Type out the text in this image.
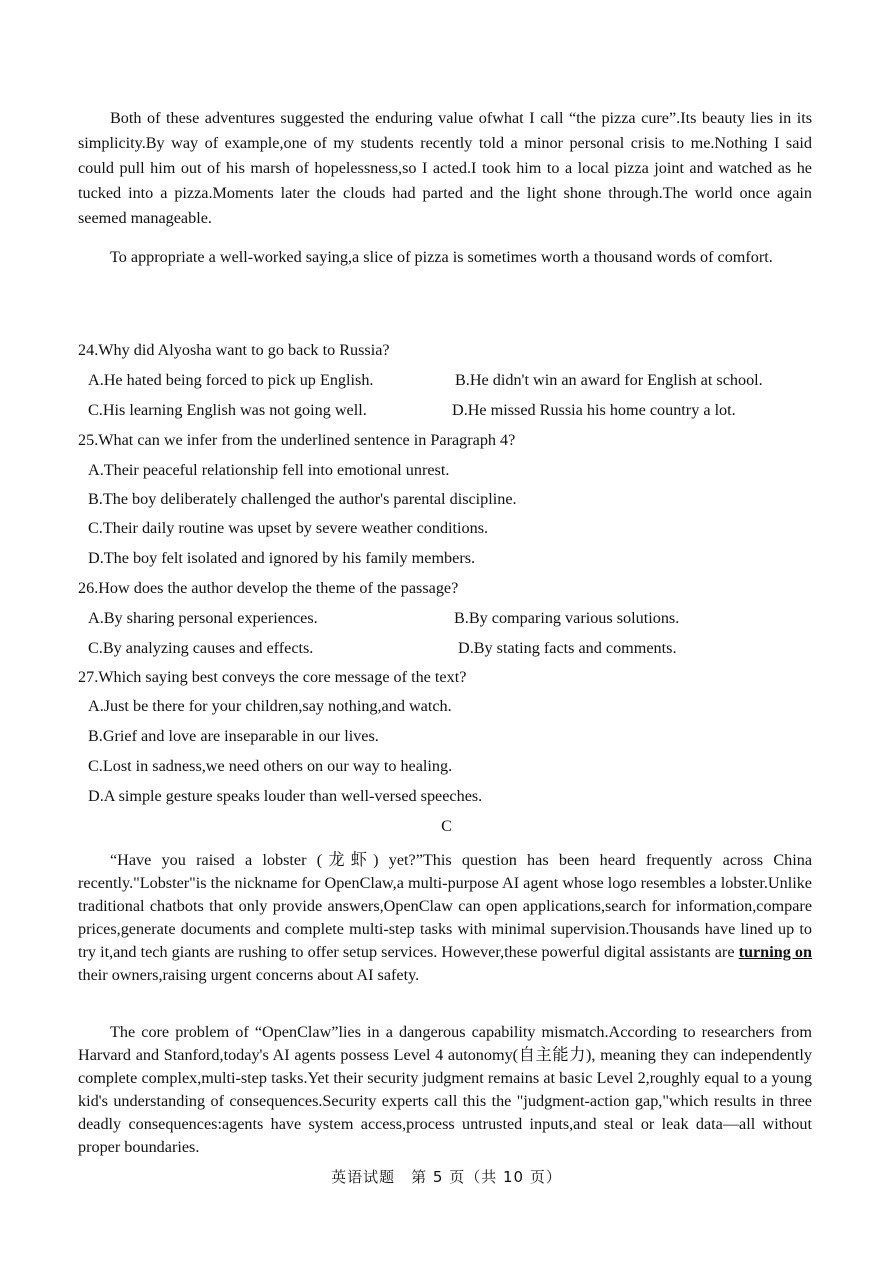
Both of these adventures suggested the enduring value ofwhat I call “the pizza cure”.Its beauty lies in its simplicity.By way of example,one of my students recently told a minor personal crisis to me.Nothing I said could pull him out of his marsh of hopelessness,so I acted.I took him to a local pizza joint and watched as he tucked into a pizza.Moments later the clouds had parted and the light shone through.The world once again seemed manageable.

To appropriate a well-worked saying,a slice of pizza is sometimes worth a thousand words of comfort.

24.Why did Alyosha want to go back to Russia?

A.He hated being forced to pick up English.	B.He didn't win an award for English at school.

C.His learning English was not going well.	D.He missed Russia his home country a lot.

25.What can we infer from the underlined sentence in Paragraph 4?

A.Their peaceful relationship fell into emotional unrest.

B.The boy deliberately challenged the author's parental discipline.

C.Their daily routine was upset by severe weather conditions.

D.The boy felt isolated and ignored by his family members.

26.How does the author develop the theme of the passage?

A.By sharing personal experiences.	B.By comparing various solutions.

C.By analyzing causes and effects.	D.By stating facts and comments.

27.Which saying best conveys the core message of the text?

A.Just be there for your children,say nothing,and watch.

B.Grief and love are inseparable in our lives.

C.Lost in sadness,we need others on our way to healing.

D.A simple gesture speaks louder than well-versed speeches.

C

“Have you raised a lobster (龙虾) yet?”This question has been heard frequently across China recently."Lobster"is the nickname for OpenClaw,a multi-purpose AI agent whose logo resembles a lobster.Unlike traditional chatbots that only provide answers,OpenClaw can open applications,search for information,compare prices,generate documents and complete multi-step tasks with minimal supervision.Thousands have lined up to try it,and tech giants are rushing to offer setup services. However,these powerful digital assistants are turning on their owners,raising urgent concerns about AI safety.

The core problem of “OpenClaw”lies in a dangerous capability mismatch.According to researchers from Harvard and Stanford,today's AI agents possess Level 4 autonomy(自主能力), meaning they can independently complete complex,multi-step tasks.Yet their security judgment remains at basic Level 2,roughly equal to a young kid's understanding of consequences.Security experts call this the "judgment-action gap,"which results in three deadly consequences:agents have system access,process untrusted inputs,and steal or leak data—all without proper boundaries.

英语试题　第 5 页（共 10 页）
